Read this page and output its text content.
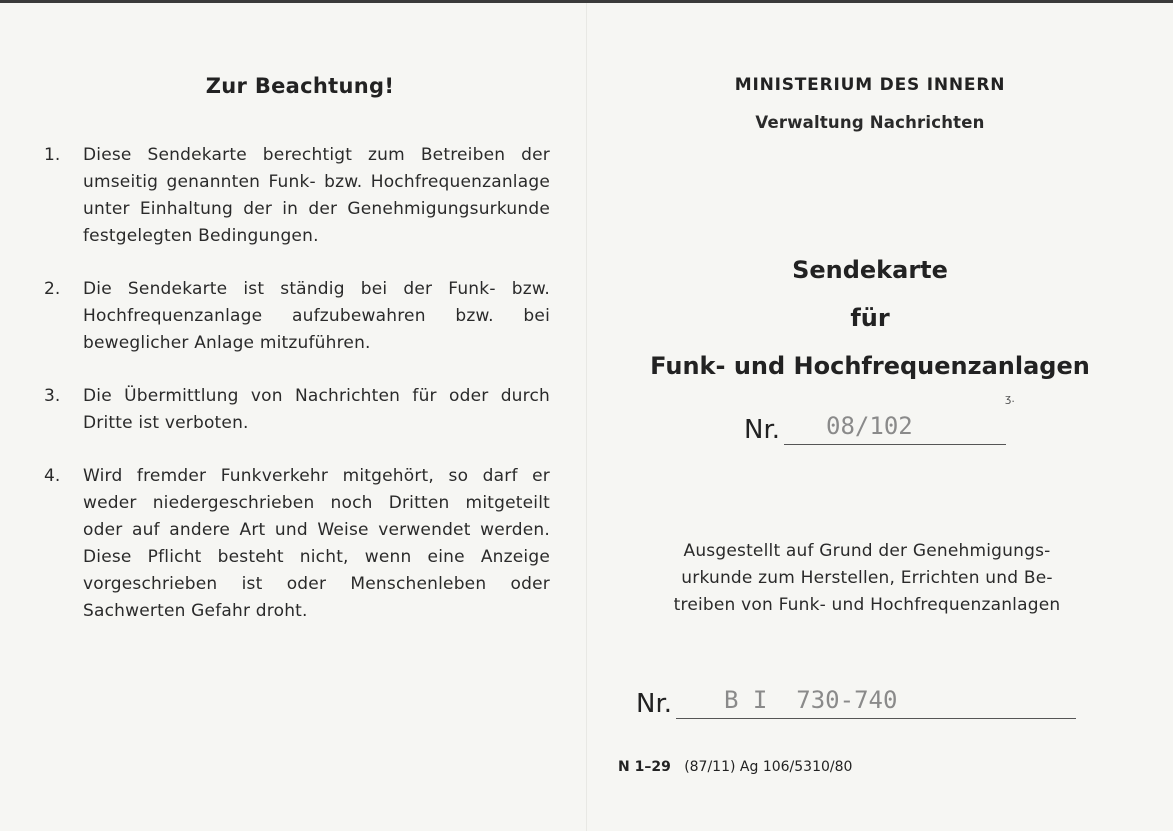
Zur Beachtung!
1. Diese Sendekarte berechtigt zum Betreiben der umseitig genannten Funk- bzw. Hochfrequenzanlage unter Einhaltung der in der Genehmigungsurkunde festgelegten Bedingungen.
2. Die Sendekarte ist ständig bei der Funk- bzw. Hochfrequenzanlage aufzubewahren bzw. bei beweglicher Anlage mitzuführen.
3. Die Übermittlung von Nachrichten für oder durch Dritte ist verboten.
4. Wird fremder Funkverkehr mitgehört, so darf er weder niedergeschrieben noch Dritten mitgeteilt oder auf andere Art und Weise verwendet werden. Diese Pflicht besteht nicht, wenn eine Anzeige vorgeschrieben ist oder Menschenleben oder Sachwerten Gefahr droht.
MINISTERIUM DES INNERN
Verwaltung Nachrichten
Sendekarte
für
Funk- und Hochfrequenzanlagen
ʒ.
Nr. 08/102
Ausgestellt auf Grund der Genehmigungs-
urkunde zum Herstellen, Errichten und Be-
treiben von Funk- und Hochfrequenzanlagen
Nr. B I  730-740
N 1–29 (87/11) Ag 106/5310/80
